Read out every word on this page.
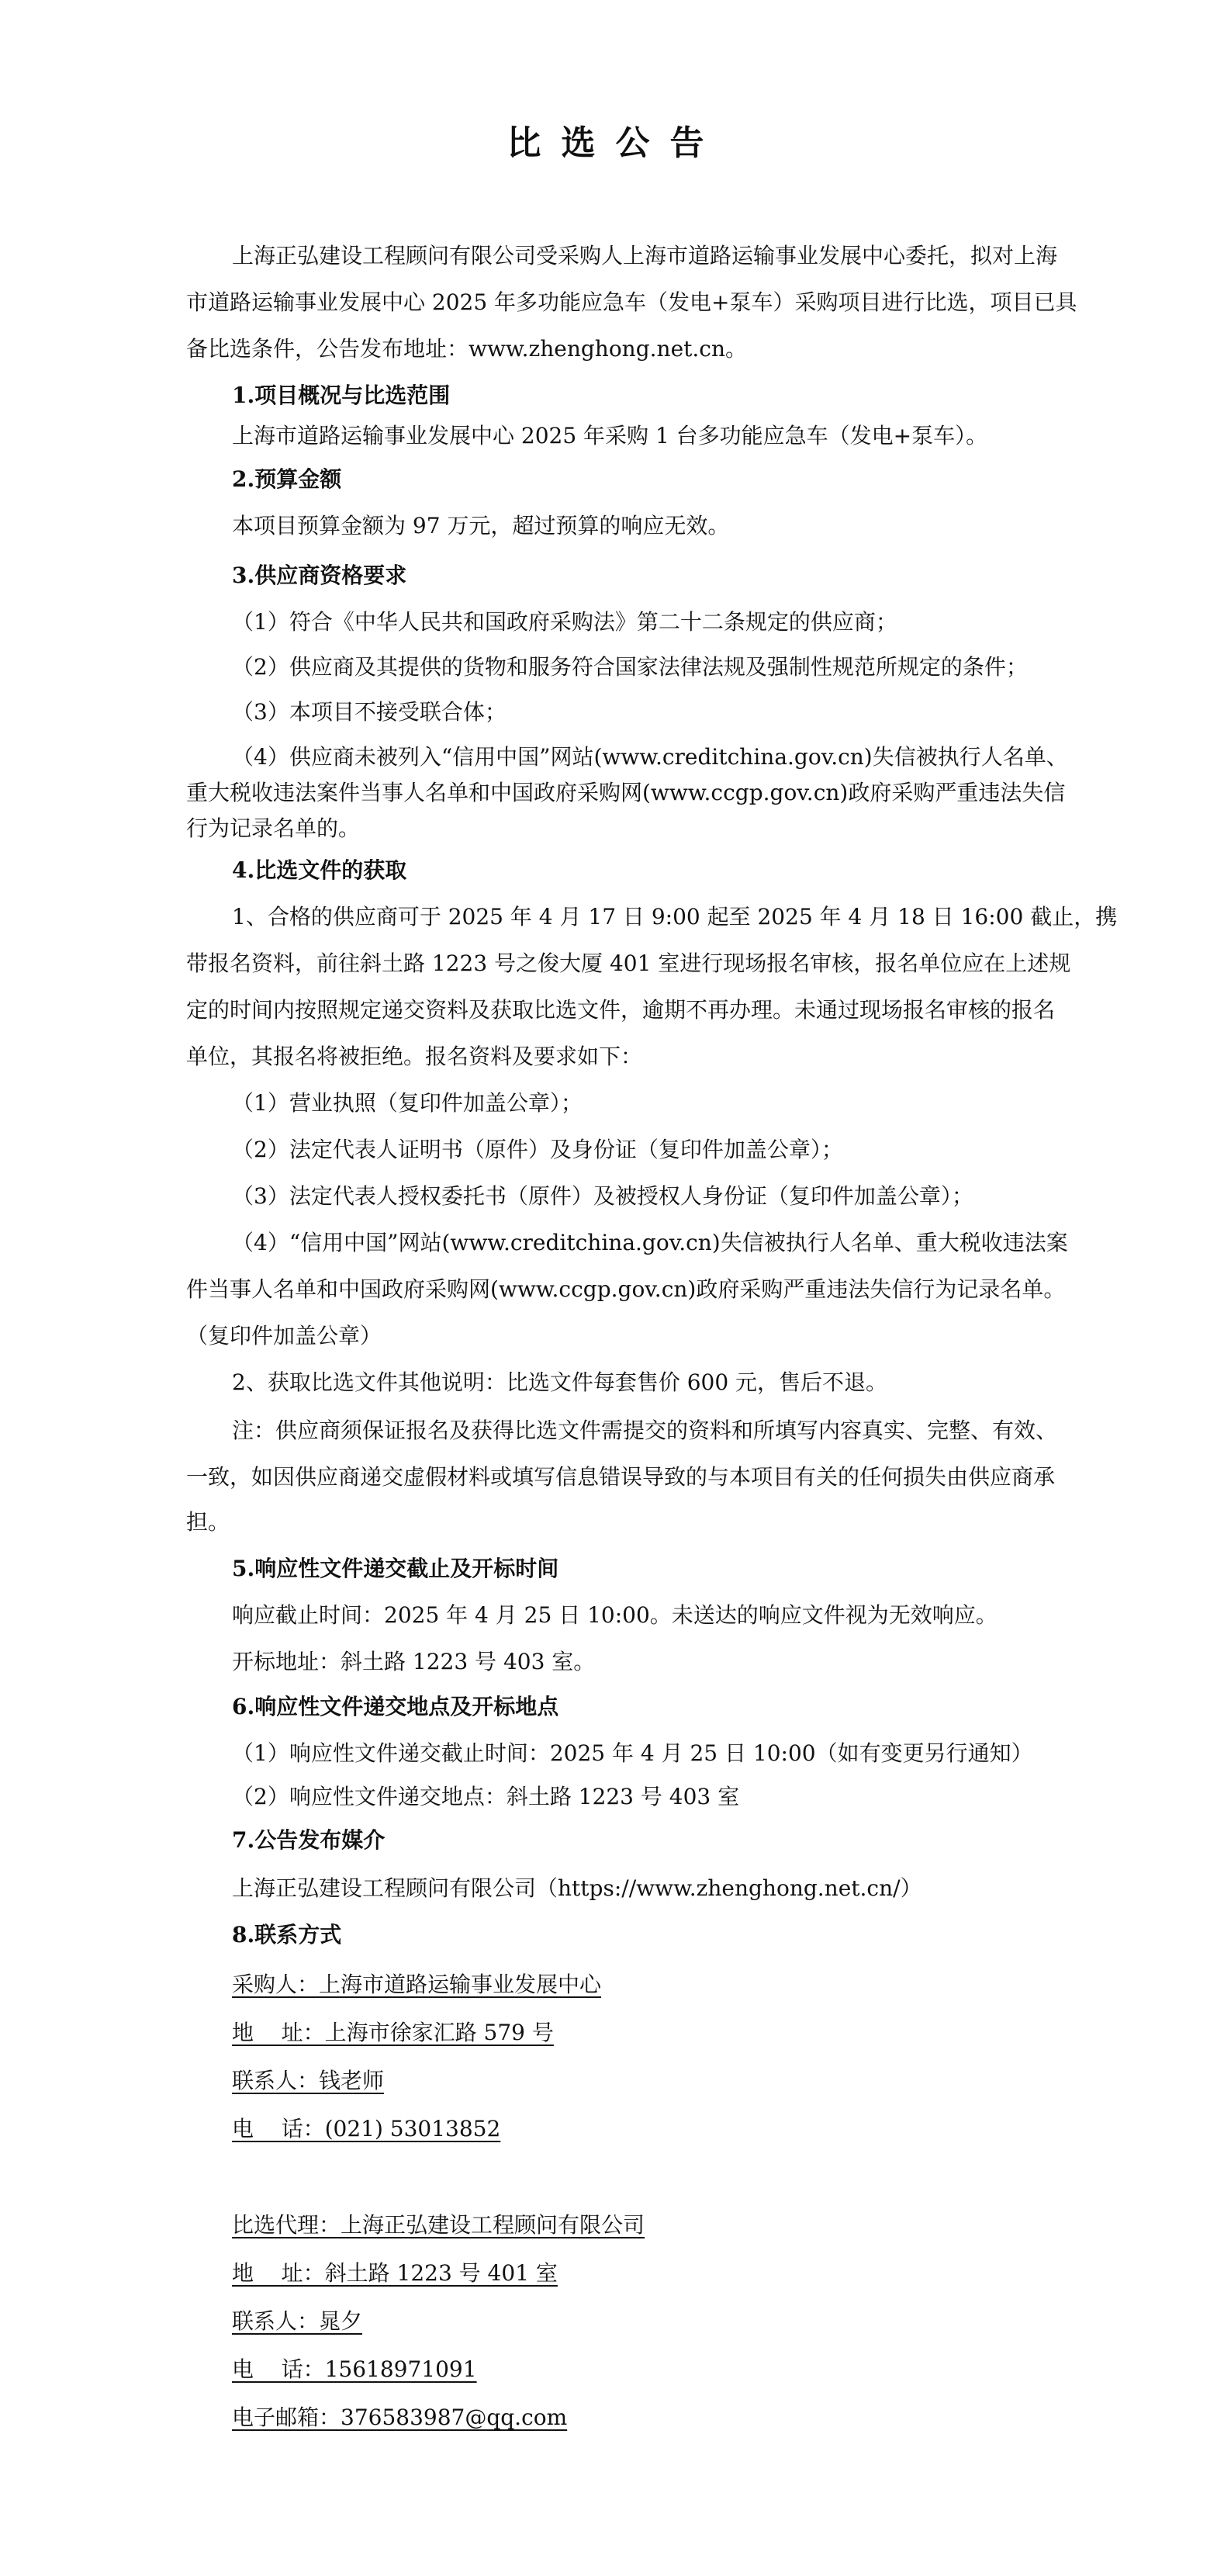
比选公告
上海正弘建设工程顾问有限公司受采购人上海市道路运输事业发展中心委托，拟对上海
市道路运输事业发展中心 2025 年多功能应急车（发电+泵车）采购项目进行比选，项目已具
备比选条件，公告发布地址：www.zhenghong.net.cn。
1.项目概况与比选范围
上海市道路运输事业发展中心 2025 年采购 1 台多功能应急车（发电+泵车）。
2.预算金额
本项目预算金额为 97 万元，超过预算的响应无效。
3.供应商资格要求
（1）符合《中华人民共和国政府采购法》第二十二条规定的供应商；
（2）供应商及其提供的货物和服务符合国家法律法规及强制性规范所规定的条件；
（3）本项目不接受联合体；
（4）供应商未被列入“信用中国”网站(www.creditchina.gov.cn)失信被执行人名单、
重大税收违法案件当事人名单和中国政府采购网(www.ccgp.gov.cn)政府采购严重违法失信
行为记录名单的。
4.比选文件的获取
1、合格的供应商可于 2025 年 4 月 17 日 9:00 起至 2025 年 4 月 18 日 16:00 截止，携
带报名资料，前往斜土路 1223 号之俊大厦 401 室进行现场报名审核，报名单位应在上述规
定的时间内按照规定递交资料及获取比选文件，逾期不再办理。未通过现场报名审核的报名
单位，其报名将被拒绝。报名资料及要求如下：
（1）营业执照（复印件加盖公章）；
（2）法定代表人证明书（原件）及身份证（复印件加盖公章）；
（3）法定代表人授权委托书（原件）及被授权人身份证（复印件加盖公章）；
（4）“信用中国”网站(www.creditchina.gov.cn)失信被执行人名单、重大税收违法案
件当事人名单和中国政府采购网(www.ccgp.gov.cn)政府采购严重违法失信行为记录名单。
（复印件加盖公章）
2、获取比选文件其他说明：比选文件每套售价 600 元，售后不退。
注：供应商须保证报名及获得比选文件需提交的资料和所填写内容真实、完整、有效、
一致，如因供应商递交虚假材料或填写信息错误导致的与本项目有关的任何损失由供应商承
担。
5.响应性文件递交截止及开标时间
响应截止时间：2025 年 4 月 25 日 10:00。未送达的响应文件视为无效响应。
开标地址：斜土路 1223 号 403 室。
6.响应性文件递交地点及开标地点
（1）响应性文件递交截止时间：2025 年 4 月 25 日 10:00（如有变更另行通知）
（2）响应性文件递交地点：斜土路 1223 号 403 室
7.公告发布媒介
上海正弘建设工程顾问有限公司（https://www.zhenghong.net.cn/）
8.联系方式
采购人：上海市道路运输事业发展中心
地    址：上海市徐家汇路 579 号
联系人：钱老师
电    话：(021) 53013852
比选代理：上海正弘建设工程顾问有限公司
地    址：斜土路 1223 号 401 室
联系人：晁夕
电    话：15618971091
电子邮箱：376583987@qq.com
